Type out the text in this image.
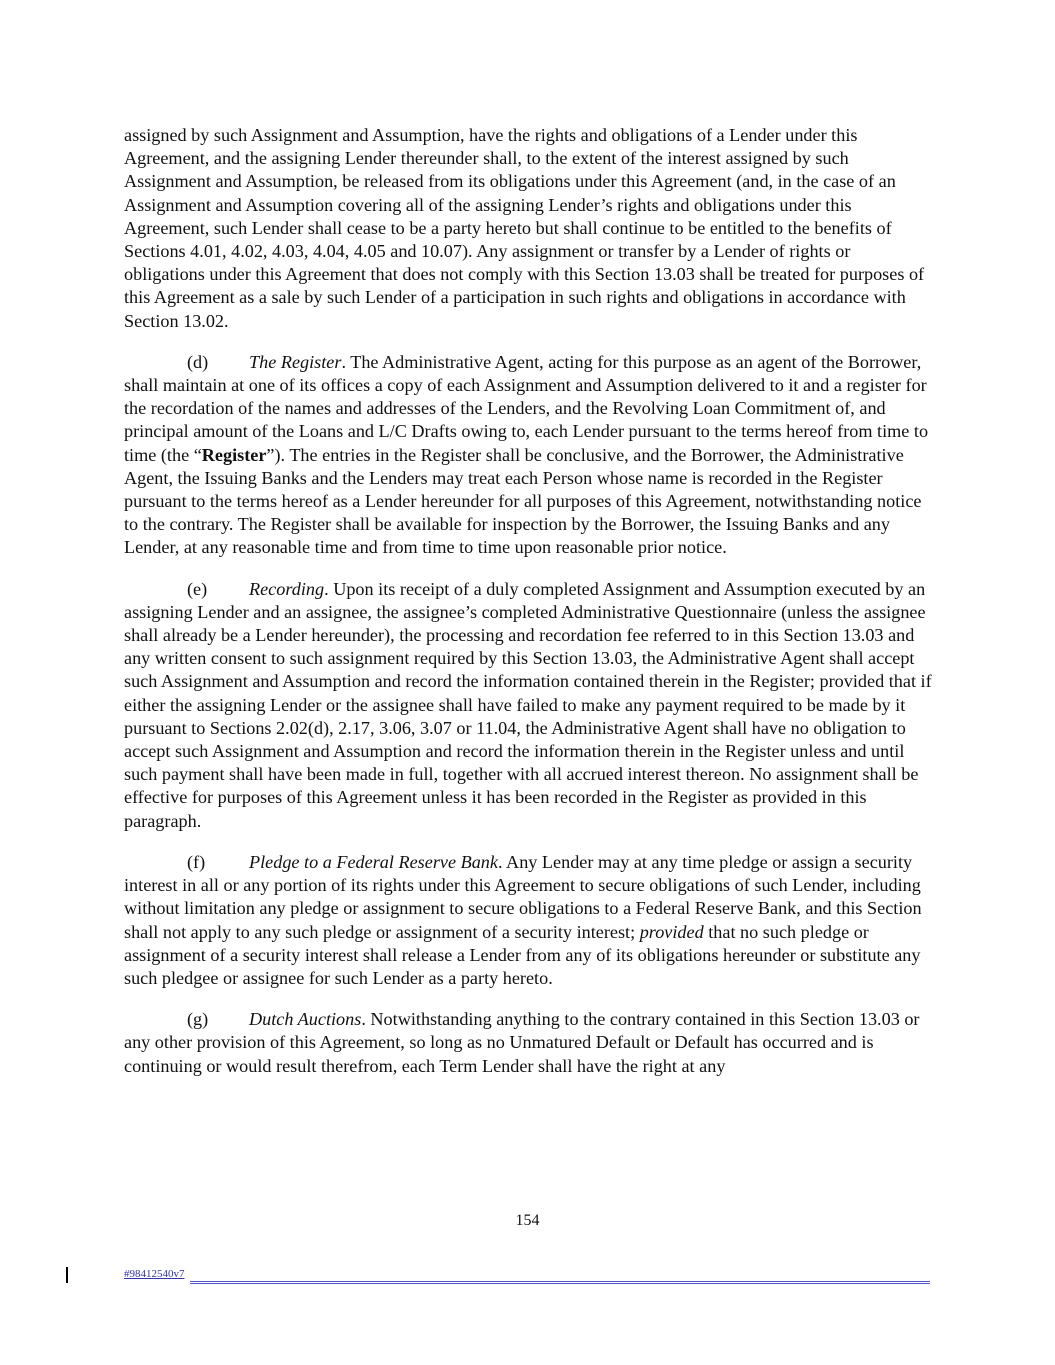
assigned by such Assignment and Assumption, have the rights and obligations of a Lender under this Agreement, and the assigning Lender thereunder shall, to the extent of the interest assigned by such Assignment and Assumption, be released from its obligations under this Agreement (and, in the case of an Assignment and Assumption covering all of the assigning Lender’s rights and obligations under this Agreement, such Lender shall cease to be a party hereto but shall continue to be entitled to the benefits of Sections 4.01, 4.02, 4.03, 4.04, 4.05 and 10.07). Any assignment or transfer by a Lender of rights or obligations under this Agreement that does not comply with this Section 13.03 shall be treated for purposes of this Agreement as a sale by such Lender of a participation in such rights and obligations in accordance with Section 13.02.

(d) The Register. The Administrative Agent, acting for this purpose as an agent of the Borrower, shall maintain at one of its offices a copy of each Assignment and Assumption delivered to it and a register for the recordation of the names and addresses of the Lenders, and the Revolving Loan Commitment of, and principal amount of the Loans and L/C Drafts owing to, each Lender pursuant to the terms hereof from time to time (the “Register”). The entries in the Register shall be conclusive, and the Borrower, the Administrative Agent, the Issuing Banks and the Lenders may treat each Person whose name is recorded in the Register pursuant to the terms hereof as a Lender hereunder for all purposes of this Agreement, notwithstanding notice to the contrary. The Register shall be available for inspection by the Borrower, the Issuing Banks and any Lender, at any reasonable time and from time to time upon reasonable prior notice.

(e) Recording. Upon its receipt of a duly completed Assignment and Assumption executed by an assigning Lender and an assignee, the assignee’s completed Administrative Questionnaire (unless the assignee shall already be a Lender hereunder), the processing and recordation fee referred to in this Section 13.03 and any written consent to such assignment required by this Section 13.03, the Administrative Agent shall accept such Assignment and Assumption and record the information contained therein in the Register; provided that if either the assigning Lender or the assignee shall have failed to make any payment required to be made by it pursuant to Sections 2.02(d), 2.17, 3.06, 3.07 or 11.04, the Administrative Agent shall have no obligation to accept such Assignment and Assumption and record the information therein in the Register unless and until such payment shall have been made in full, together with all accrued interest thereon. No assignment shall be effective for purposes of this Agreement unless it has been recorded in the Register as provided in this paragraph.

(f) Pledge to a Federal Reserve Bank. Any Lender may at any time pledge or assign a security interest in all or any portion of its rights under this Agreement to secure obligations of such Lender, including without limitation any pledge or assignment to secure obligations to a Federal Reserve Bank, and this Section shall not apply to any such pledge or assignment of a security interest; provided that no such pledge or assignment of a security interest shall release a Lender from any of its obligations hereunder or substitute any such pledgee or assignee for such Lender as a party hereto.

(g) Dutch Auctions. Notwithstanding anything to the contrary contained in this Section 13.03 or any other provision of this Agreement, so long as no Unmatured Default or Default has occurred and is continuing or would result therefrom, each Term Lender shall have the right at any

154
#98412540v7
